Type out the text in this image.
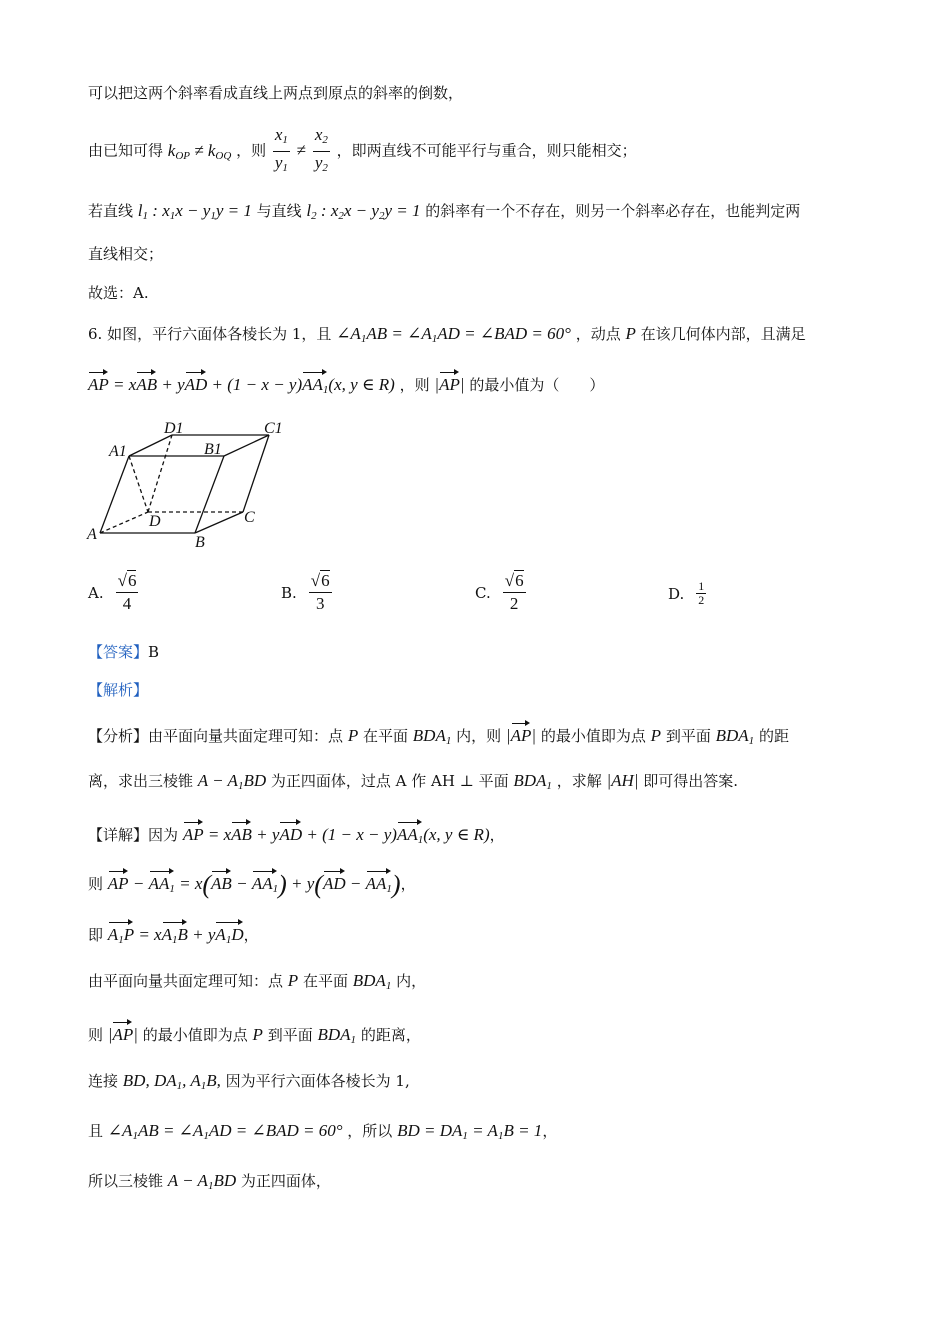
可以把这两个斜率看成直线上两点到原点的斜率的倒数，
由已知可得 $k_{OP} \ne k_{OQ}$ ，则 $\frac{x_1}{y_1} \ne \frac{x_2}{y_2}$ ，即两直线不可能平行与重合，则只能相交；
若直线 $l_1$ : $x_1x - y_1y = 1$ 与直线 $l_2$ : $x_2x - y_2y = 1$ 的斜率有一个不存在，则另一个斜率必存在，也能判定两
直线相交；
故选：A.
6. 如图，平行六面体各棱长为 1，且 $\angle A_1AB$ = $\angle A_1AD$ = ∠BAD = 60° ，动点 P 在该几何体内部，且满足
AP = xAB + yAD + $(1 - x - y)AA_1(x$, y ∈ R) ，则 |AP| 的最小值为（　　）
A	B
C
D
A1	B1
C1
D1
A. $\frac{√6}{4}$	B. $\frac{√6}{3}$	C. $\frac{√6}{2}$	D. $\frac{1}{2}$
【答案】B
【解析】
【分析】由平面向量共面定理可知：点 P 在平面 $BDA_1$ 内，则 |AP| 的最小值即为点 P 到平面 $BDA_1$ 的距
离，求出三棱锥 $A - A_1BD$ 为正四面体，过点 A 作 AH ⊥ 平面 $BDA_1$ ，求解 |AH| 即可得出答案.
【详解】因为 AP = xAB + yAD + $(1 - x - y)AA_1(x$, y ∈ R)，
则 AP − $AA_1 = x(AB - AA_1) + y(AD - AA_1)$，
即 $A_1P = xA_1B + yA_1D$，
由平面向量共面定理可知：点 P 在平面 $BDA_1$ 内，
则 |AP| 的最小值即为点 P 到平面 $BDA_1$ 的距离，
连接 BD, $DA_1$, $A_1B$, 因为平行六面体各棱长为 1,
且 $\angle A_1AB$ = $\angle A_1AD$ = ∠BAD = 60° ，所以 BD = $DA_1 = A_1B = 1$，
所以三棱锥 $A - A_1BD$ 为正四面体，
